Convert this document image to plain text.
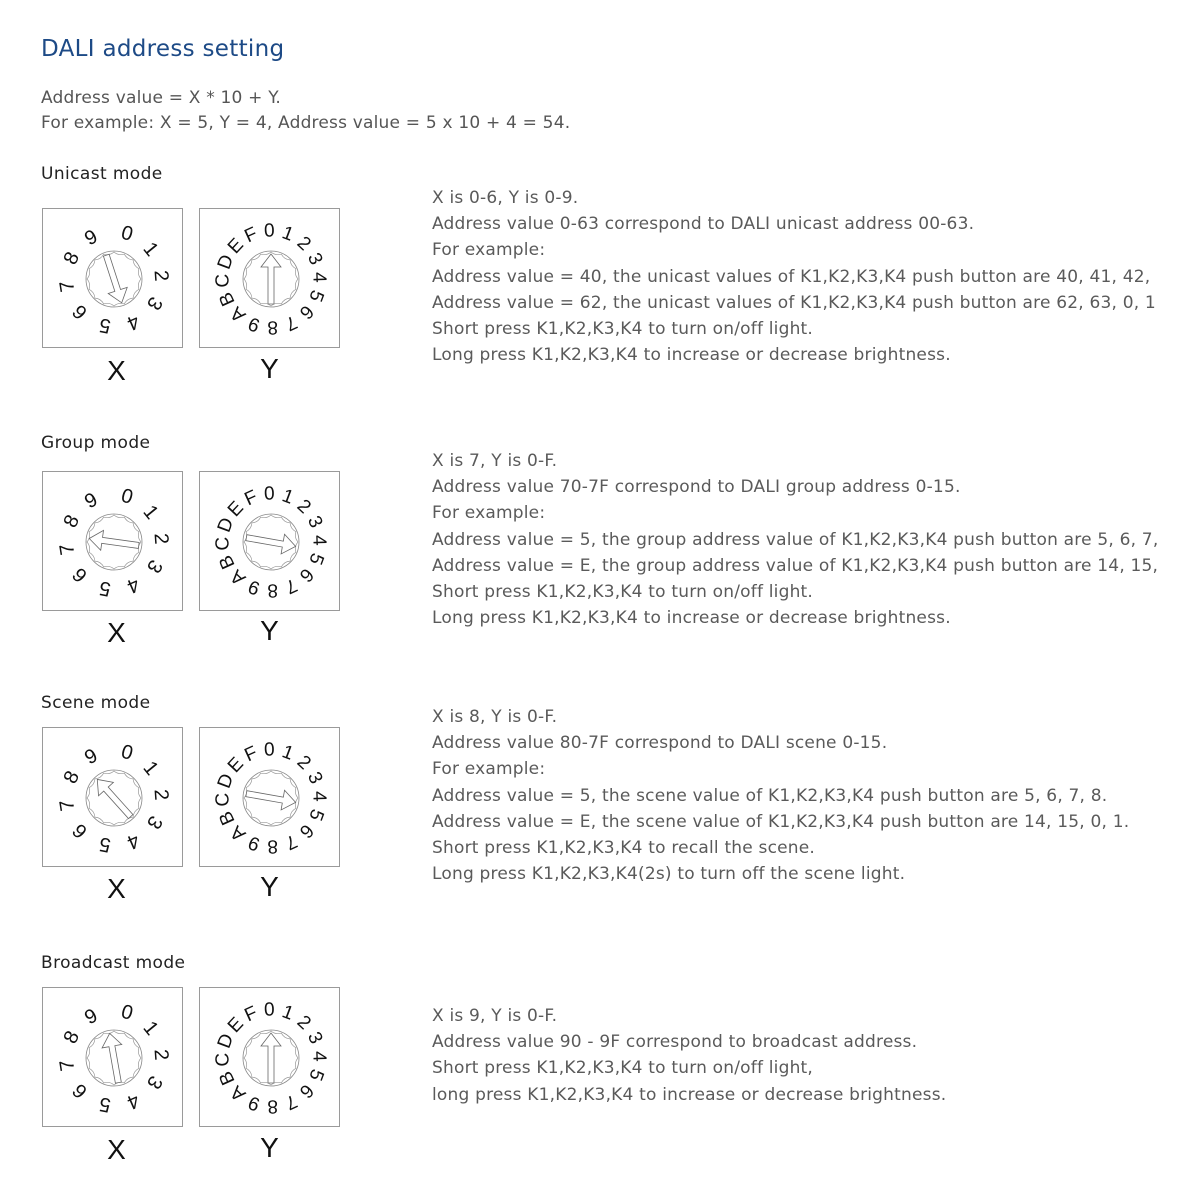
DALI address setting
Address value = X * 10 + Y.
For example: X = 5, Y = 4, Address value = 5 x 10 + 4 = 54.
Unicast mode
0
1
2
3
4
5
6
7
8
9	0 1
2
3
4
5
6
7
8
9
A
B
C
D
E
F
X	Y
X is 0-6, Y is 0-9.
Address value 0-63 correspond to DALI unicast address 00-63.
For example:
Address value = 40, the unicast values of K1,K2,K3,K4 push button are 40, 41, 42,
Address value = 62, the unicast values of K1,K2,K3,K4 push button are 62, 63, 0, 1
Short press K1,K2,K3,K4 to turn on/off light.
Long press K1,K2,K3,K4 to increase or decrease brightness.
Group mode
0
1
2
3
4
5
6
7
8
9	0 1
2
3
4
5
6
7
8
9
A
B
C
D
E
F
X	Y
X is 7, Y is 0-F.
Address value 70-7F correspond to DALI group address 0-15.
For example:
Address value = 5, the group address value of K1,K2,K3,K4 push button are 5, 6, 7,
Address value = E, the group address value of K1,K2,K3,K4 push button are 14, 15,
Short press K1,K2,K3,K4 to turn on/off light.
Long press K1,K2,K3,K4 to increase or decrease brightness.
Scene mode
0
1
2
3
4
5
6
7
8
9	0 1
2
3
4
5
6
7
8
9
A
B
C
D
E
F
X	Y
X is 8, Y is 0-F.
Address value 80-7F correspond to DALI scene 0-15.
For example:
Address value = 5, the scene value of K1,K2,K3,K4 push button are 5, 6, 7, 8.
Address value = E, the scene value of K1,K2,K3,K4 push button are 14, 15, 0, 1.
Short press K1,K2,K3,K4 to recall the scene.
Long press K1,K2,K3,K4(2s) to turn off the scene light.
Broadcast mode
0
1
2
3
4
5
6
7
8
9	0 1
2
3
4
5
6
7
8
9
A
B
C
D
E
F
X	Y
X is 9, Y is 0-F.
Address value 90 - 9F correspond to broadcast address.
Short press K1,K2,K3,K4 to turn on/off light,
long press K1,K2,K3,K4 to increase or decrease brightness.
